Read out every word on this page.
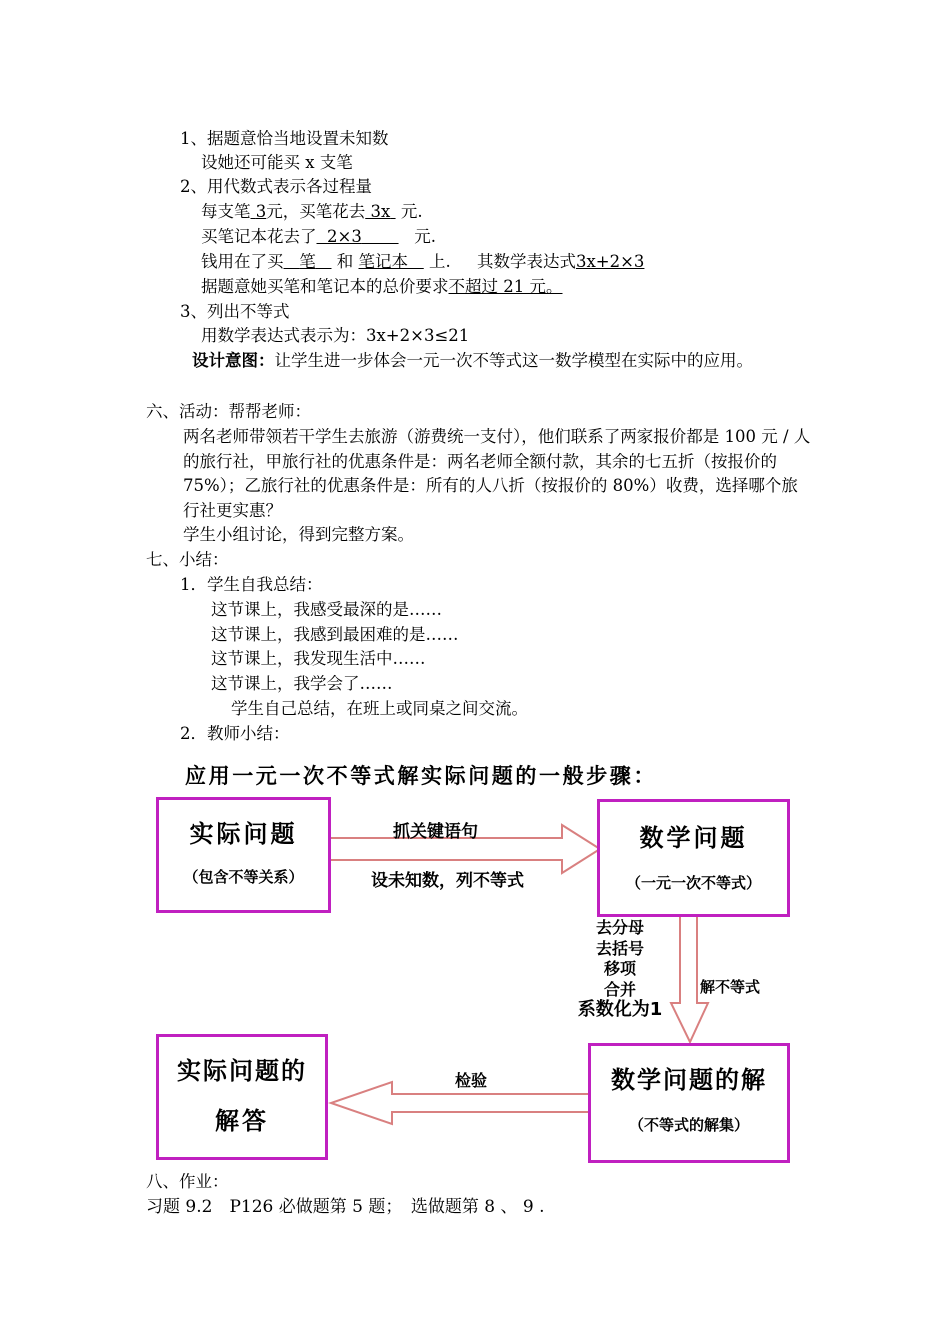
1、据题意恰当地设置未知数
设她还可能买 x 支笔
2、用代数式表示各过程量
每支笔 3元，买笔花去 3x 元.
买笔记本花去了 2×3	元.
钱用在了买 笔 和 笔记本 上. 其数学表达式3x+2×3
据题意她买笔和笔记本的总价要求不超过 21 元。
3、列出不等式
用数学表达式表示为：3x+2×3≤21
设计意图：让学生进一步体会一元一次不等式这一数学模型在实际中的应用。
六、活动：帮帮老师：
两名老师带领若干学生去旅游（游费统一支付），他们联系了两家报价都是 100 元 / 人的旅行社，甲旅行社的优惠条件是：两名老师全额付款，其余的七五折（按报价的 75%）；乙旅行社的优惠条件是：所有的人八折（按报价的 80%）收费，选择哪个旅行社更实惠？
学生小组讨论，得到完整方案。
七、小结：
1．学生自我总结：
这节课上，我感受最深的是……
这节课上，我感到最困难的是……
这节课上，我发现生活中……
这节课上，我学会了……
学生自己总结，在班上或同桌之间交流。
2．教师小结：
应用一元一次不等式解实际问题的一般步骤：
实际问题
（包含不等关系）
数学问题
（一元一次不等式）
抓关键语句
设未知数，列不等式
去分母
去括号
移项
合并
系数化为1
解不等式
实际问题的
解答
数学问题的解
（不等式的解集）
检验
八、作业：
习题 9.2　P126 必做题第 5 题；　选做题第 8 、 9 .
